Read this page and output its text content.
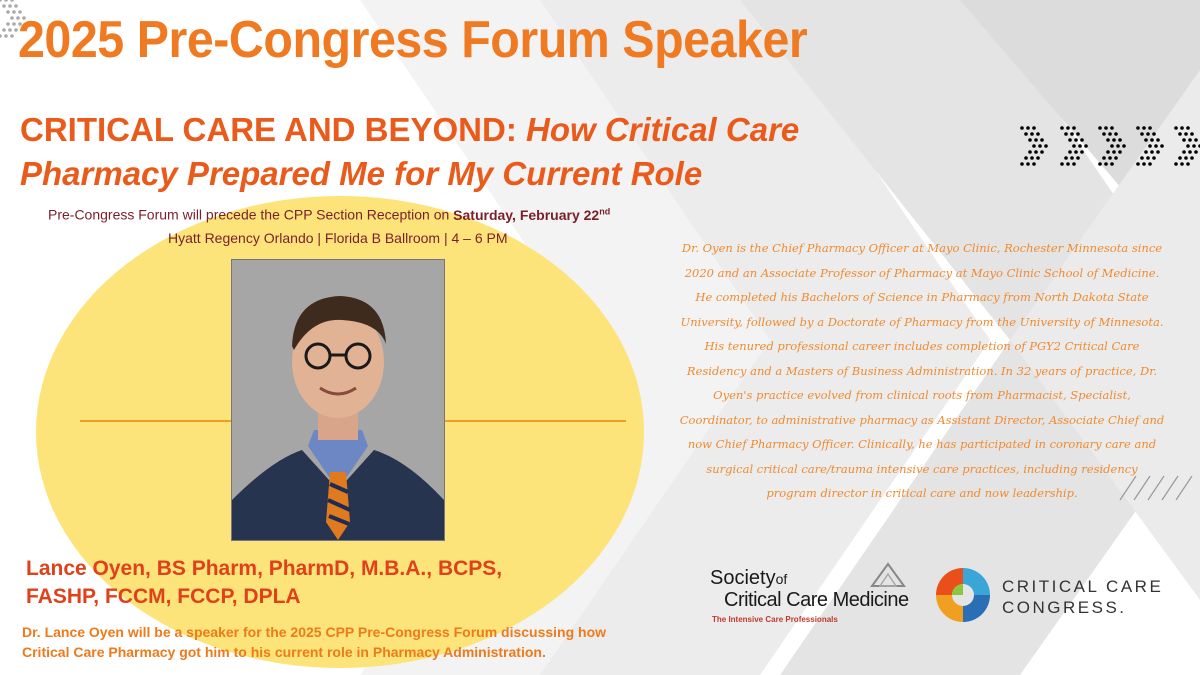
2025 Pre-Congress Forum Speaker
CRITICAL CARE AND BEYOND: How Critical Care
Pharmacy Prepared Me for My Current Role
Pre-Congress Forum will precede the CPP Section Reception on Saturday, February 22nd
Hyatt Regency Orlando | Florida B Ballroom | 4 – 6 PM
Lance Oyen, BS Pharm, PharmD, M.B.A., BCPS,
FASHP, FCCM, FCCP, DPLA
Dr. Lance Oyen will be a speaker for the 2025 CPP Pre-Congress Forum discussing how
Critical Care Pharmacy got him to his current role in Pharmacy Administration.
Dr. Oyen is the Chief Pharmacy Officer at Mayo Clinic, Rochester Minnesota since
2020 and an Associate Professor of Pharmacy at Mayo Clinic School of Medicine.
He completed his Bachelors of Science in Pharmacy from North Dakota State
University, followed by a Doctorate of Pharmacy from the University of Minnesota.
His tenured professional career includes completion of PGY2 Critical Care
Residency and a Masters of Business Administration. In 32 years of practice, Dr.
Oyen's practice evolved from clinical roots from Pharmacist, Specialist,
Coordinator, to administrative pharmacy as Assistant Director, Associate Chief and
now Chief Pharmacy Officer. Clinically, he has participated in coronary care and
surgical critical care/trauma intensive care practices, including residency
program director in critical care and now leadership.
Societyof
Critical Care Medicine
The Intensive Care Professionals
CRITICAL CARE
CONGRESS.
